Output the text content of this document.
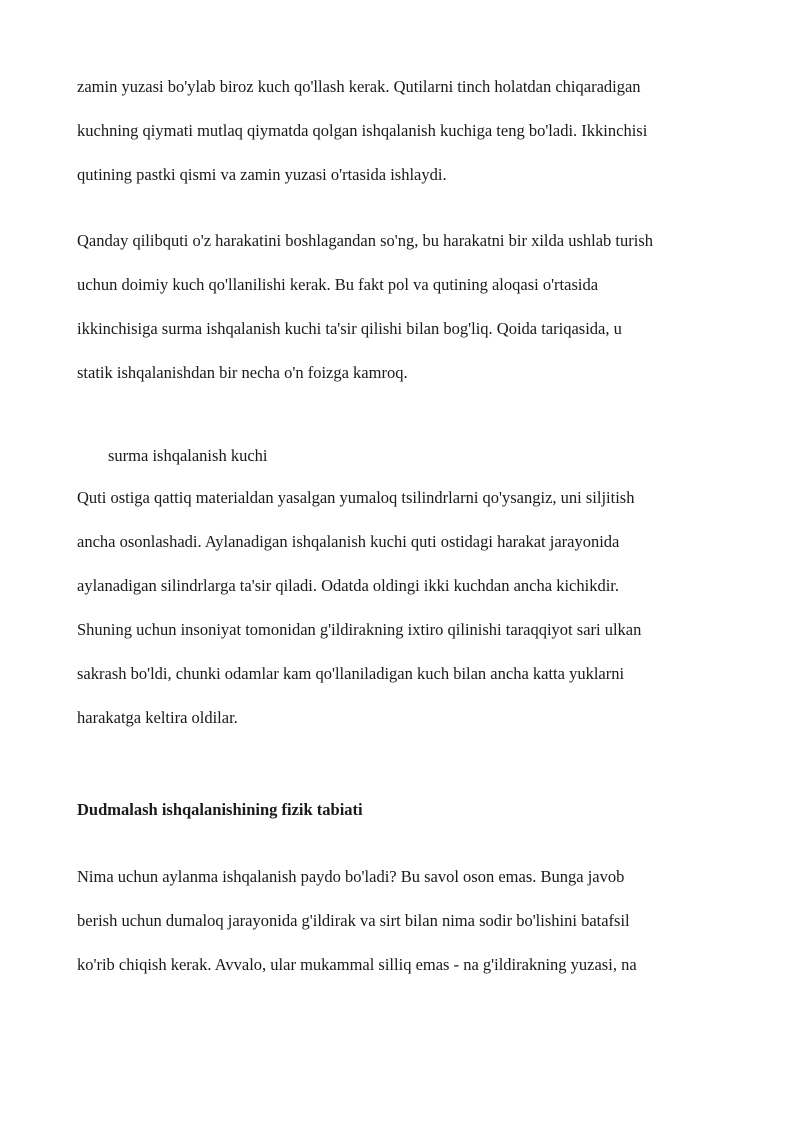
zamin yuzasi bo'ylab biroz kuch qo'llash kerak. Qutilarni tinch holatdan chiqaradigan
kuchning qiymati mutlaq qiymatda qolgan ishqalanish kuchiga teng bo'ladi. Ikkinchisi
qutining pastki qismi va zamin yuzasi o'rtasida ishlaydi.
Qanday qilibquti o'z harakatini boshlagandan so'ng, bu harakatni bir xilda ushlab turish
uchun doimiy kuch qo'llanilishi kerak. Bu fakt pol va qutining aloqasi o'rtasida
ikkinchisiga surma ishqalanish kuchi ta'sir qilishi bilan bog'liq. Qoida tariqasida, u
statik ishqalanishdan bir necha o'n foizga kamroq.

surma ishqalanish kuchi

Quti ostiga qattiq materialdan yasalgan yumaloq tsilindrlarni qo'ysangiz, uni siljitish
ancha osonlashadi. Aylanadigan ishqalanish kuchi quti ostidagi harakat jarayonida
aylanadigan silindrlarga ta'sir qiladi. Odatda oldingi ikki kuchdan ancha kichikdir.
Shuning uchun insoniyat tomonidan g'ildirakning ixtiro qilinishi taraqqiyot sari ulkan
sakrash bo'ldi, chunki odamlar kam qo'llaniladigan kuch bilan ancha katta yuklarni
harakatga keltira oldilar.
Dudmalash ishqalanishining fizik tabiati
Nima uchun aylanma ishqalanish paydo bo'ladi? Bu savol oson emas. Bunga javob
berish uchun dumaloq jarayonida g'ildirak va sirt bilan nima sodir bo'lishini batafsil
ko'rib chiqish kerak. Avvalo, ular mukammal silliq emas - na g'ildirakning yuzasi, na
